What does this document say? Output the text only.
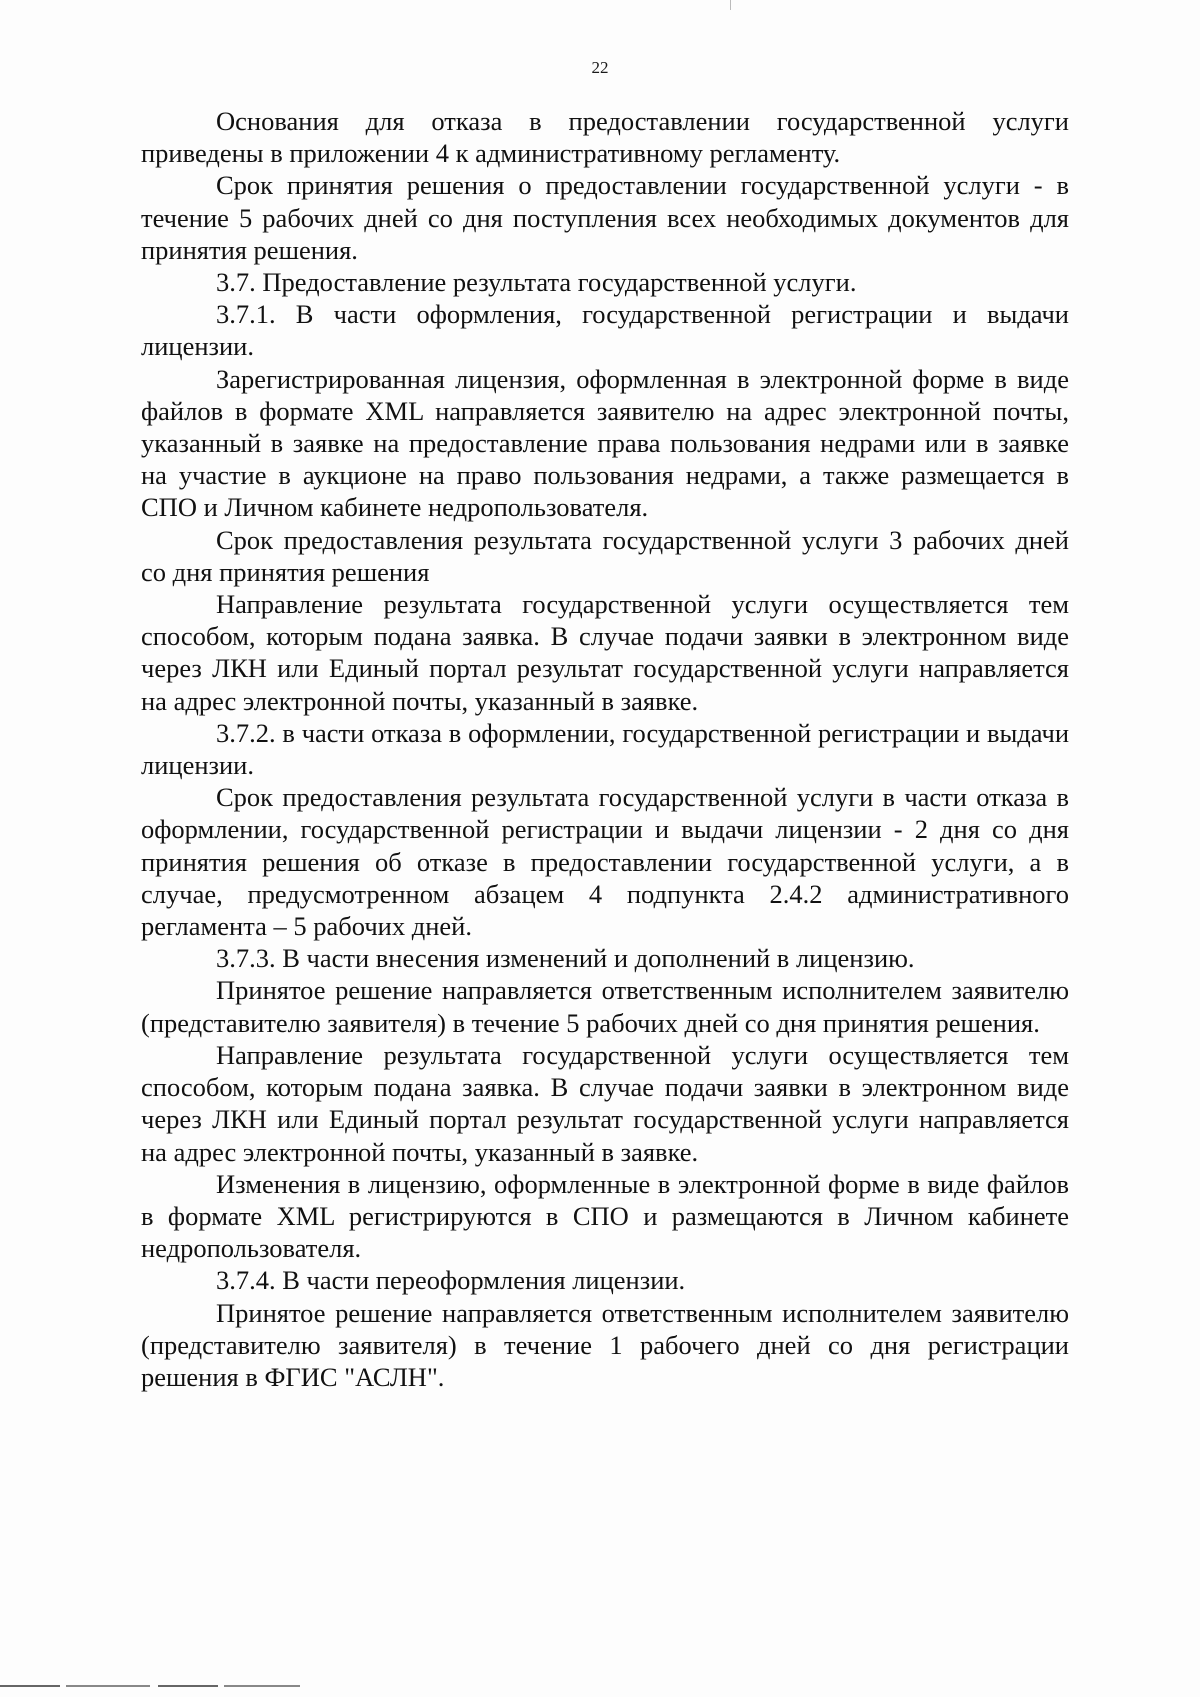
22

Основания для отказа в предоставлении государственной услуги приведены в приложении 4 к административному регламенту.

Срок принятия решения о предоставлении государственной услуги - в течение 5 рабочих дней со дня поступления всех необходимых документов для принятия решения.

3.7. Предоставление результата государственной услуги.

3.7.1. В части оформления, государственной регистрации и выдачи лицензии.

Зарегистрированная лицензия, оформленная в электронной форме в виде файлов в формате XML направляется заявителю на адрес электронной почты, указанный в заявке на предоставление права пользования недрами или в заявке на участие в аукционе на право пользования недрами, а также размещается в СПО и Личном кабинете недропользователя.

Срок предоставления результата государственной услуги 3 рабочих дней со дня принятия решения

Направление результата государственной услуги осуществляется тем способом, которым подана заявка. В случае подачи заявки в электронном виде через ЛКН или Единый портал результат государственной услуги направляется на адрес электронной почты, указанный в заявке.

3.7.2. в части отказа в оформлении, государственной регистрации и выдачи лицензии.

Срок предоставления результата государственной услуги в части отказа в оформлении, государственной регистрации и выдачи лицензии - 2 дня со дня принятия решения об отказе в предоставлении государственной услуги, а в случае, предусмотренном абзацем 4 подпункта 2.4.2 административного регламента – 5 рабочих дней.

3.7.3. В части внесения изменений и дополнений в лицензию.

Принятое решение направляется ответственным исполнителем заявителю (представителю заявителя) в течение 5 рабочих дней со дня принятия решения.

Направление результата государственной услуги осуществляется тем способом, которым подана заявка. В случае подачи заявки в электронном виде через ЛКН или Единый портал результат государственной услуги направляется на адрес электронной почты, указанный в заявке.

Изменения в лицензию, оформленные в электронной форме в виде файлов в формате XML регистрируются в СПО и размещаются в Личном кабинете недропользователя.

3.7.4. В части переоформления лицензии.

Принятое решение направляется ответственным исполнителем заявителю (представителю заявителя) в течение 1 рабочего дней со дня регистрации решения в ФГИС "АСЛН".
